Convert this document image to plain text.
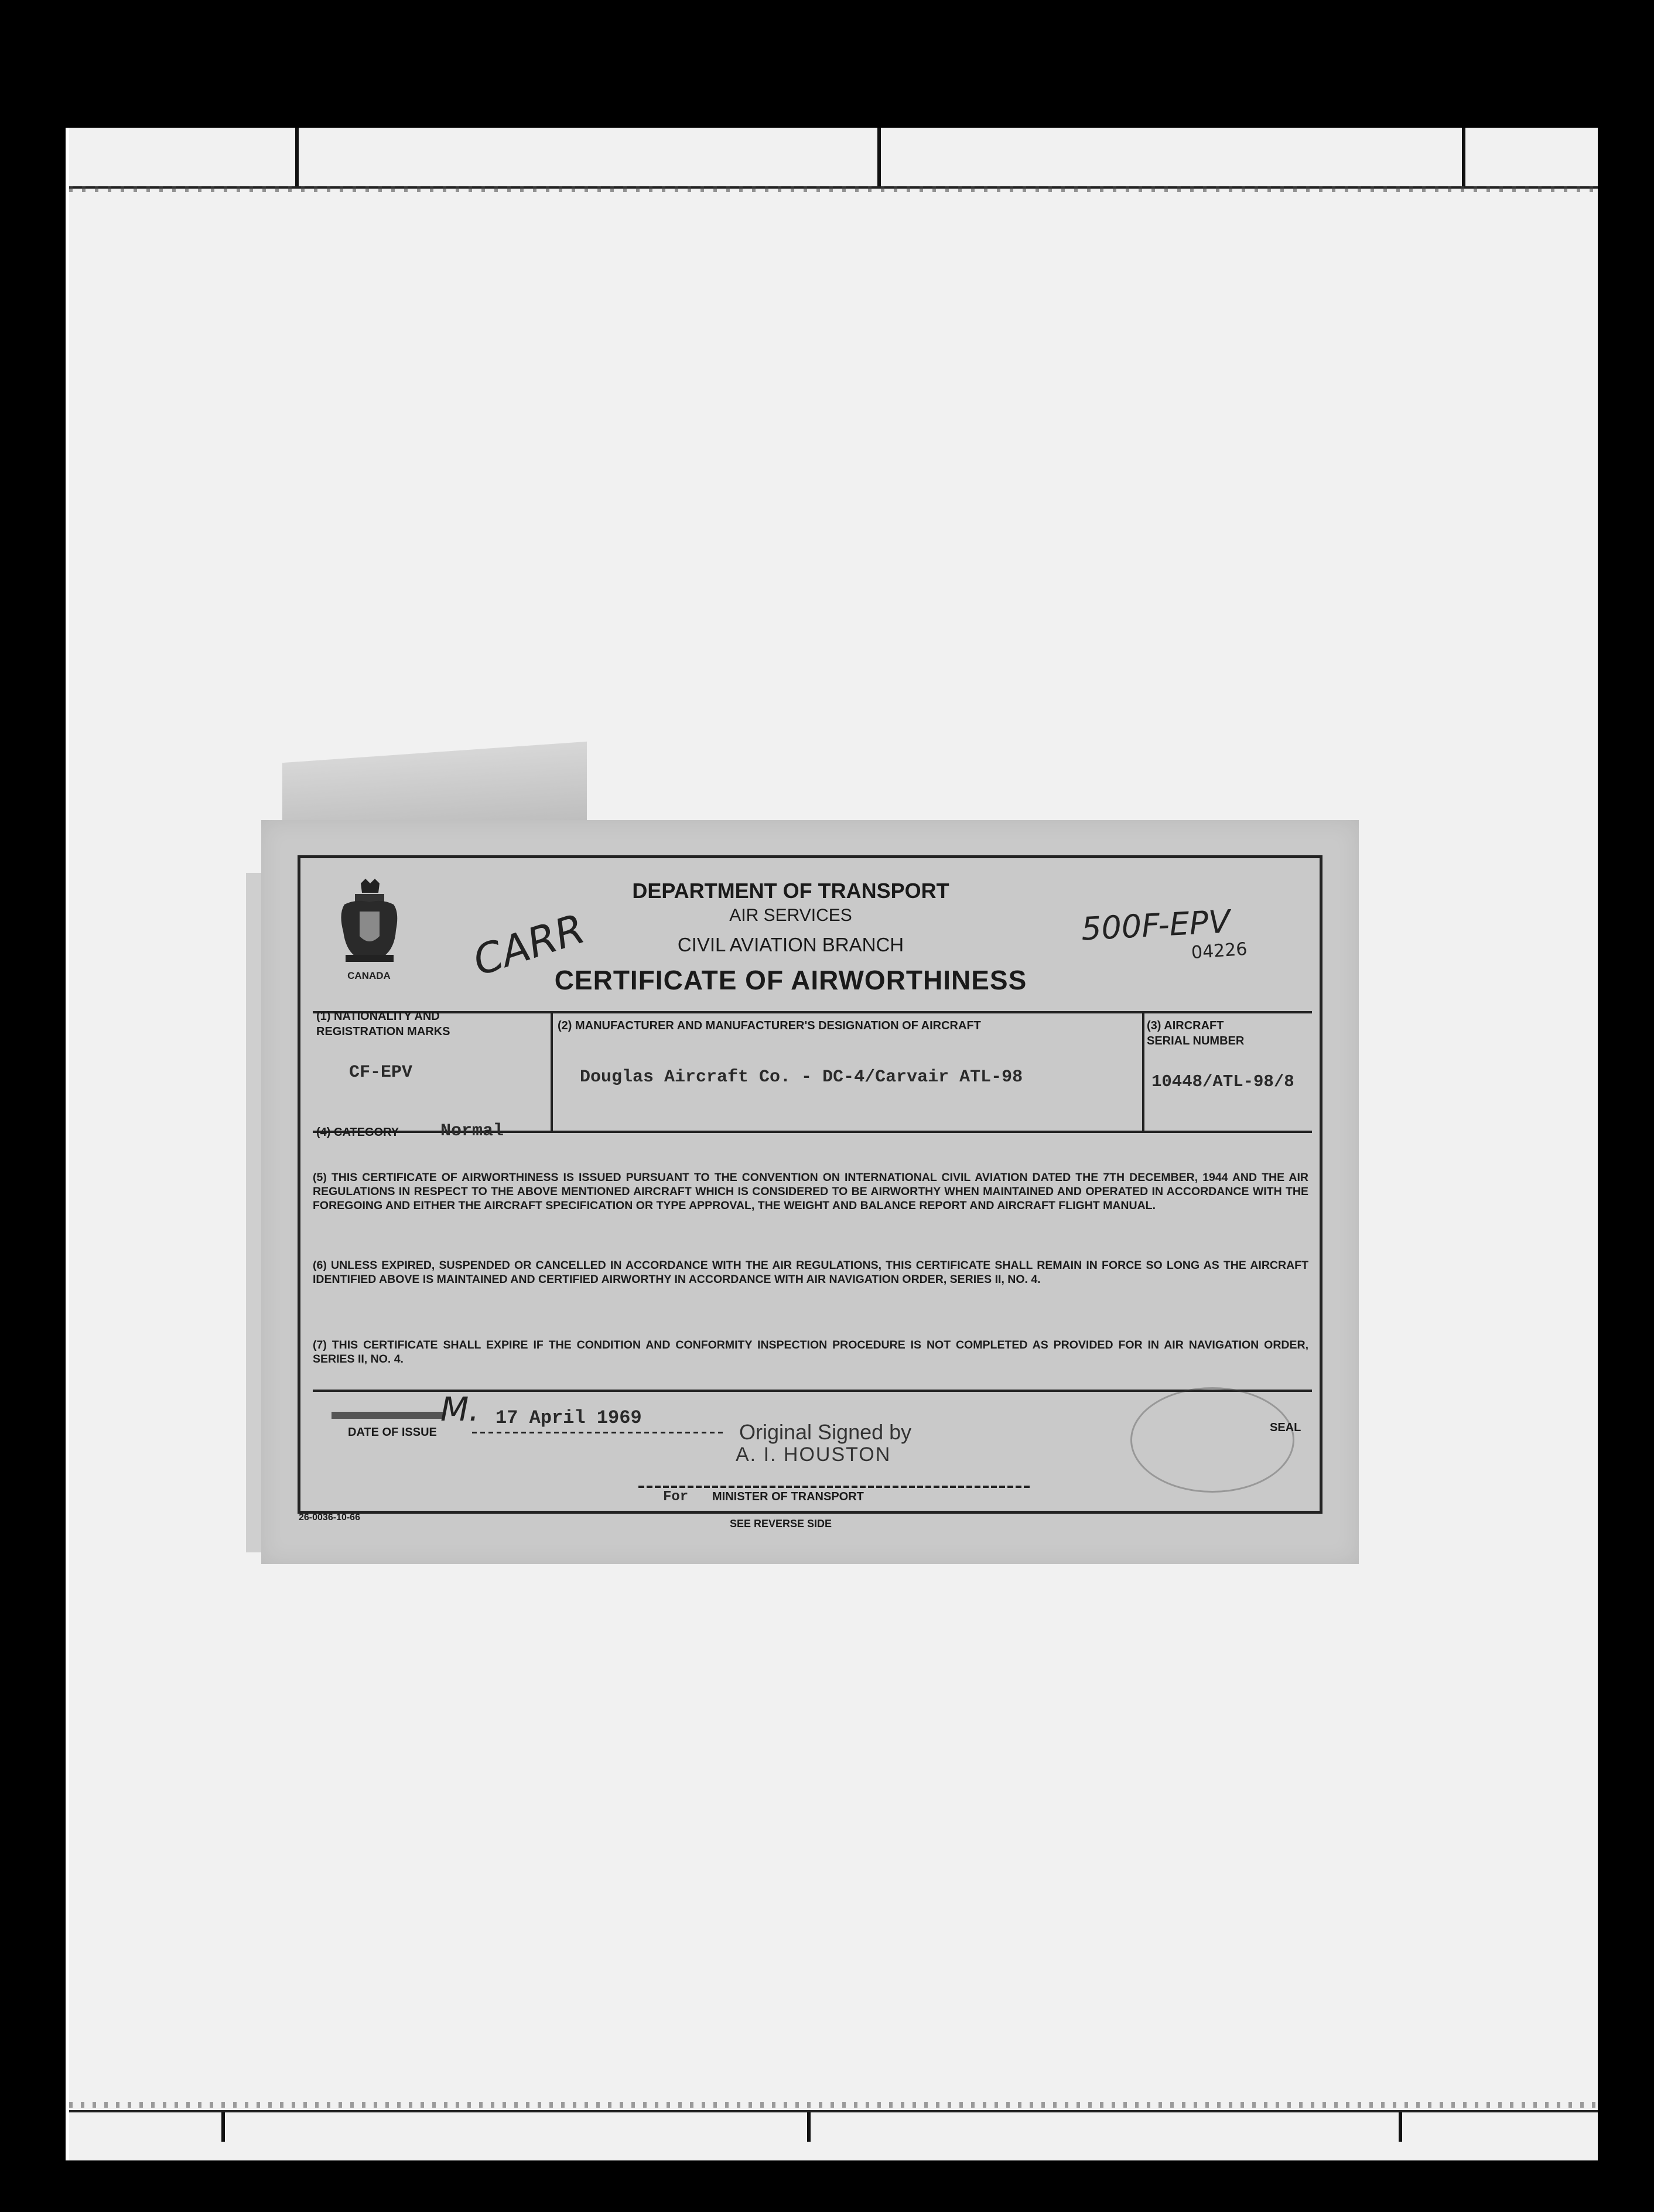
CANADA
DEPARTMENT OF TRANSPORT
AIR SERVICES
CIVIL AVIATION BRANCH
CERTIFICATE OF AIRWORTHINESS
CARR	500F-EPV
04226
(1) NATIONALITY AND
REGISTRATION MARKS
CF-EPV
(2) MANUFACTURER AND MANUFACTURER'S DESIGNATION OF AIRCRAFT
Douglas Aircraft Co. - DC-4/Carvair ATL-98
(3) AIRCRAFT
SERIAL NUMBER
10448/ATL-98/8
(4) CATEGORY	Normal
(5) THIS CERTIFICATE OF AIRWORTHINESS IS ISSUED PURSUANT TO THE CONVENTION ON INTERNATIONAL CIVIL AVIATION DATED THE 7TH DECEMBER, 1944 AND THE AIR REGULATIONS IN RESPECT TO THE ABOVE MENTIONED AIRCRAFT WHICH IS CONSIDERED TO BE AIRWORTHY WHEN MAINTAINED AND OPERATED IN ACCORDANCE WITH THE FOREGOING AND EITHER THE AIRCRAFT SPECIFICATION OR TYPE APPROVAL, THE WEIGHT AND BALANCE REPORT AND AIRCRAFT FLIGHT MANUAL.
(6) UNLESS EXPIRED, SUSPENDED OR CANCELLED IN ACCORDANCE WITH THE AIR REGULATIONS, THIS CERTIFICATE SHALL REMAIN IN FORCE SO LONG AS THE AIRCRAFT IDENTIFIED ABOVE IS MAINTAINED AND CERTIFIED AIRWORTHY IN ACCORDANCE WITH AIR NAVIGATION ORDER, SERIES II, NO. 4.
(7) THIS CERTIFICATE SHALL EXPIRE IF THE CONDITION AND CONFORMITY INSPECTION PROCEDURE IS NOT COMPLETED AS PROVIDED FOR IN AIR NAVIGATION ORDER, SERIES II, NO. 4.
M. 17 April 1969
DATE OF ISSUE	Original Signed by
A. I. HOUSTON
For MINISTER OF TRANSPORT
SEAL
26-0036-10-66
SEE REVERSE SIDE
